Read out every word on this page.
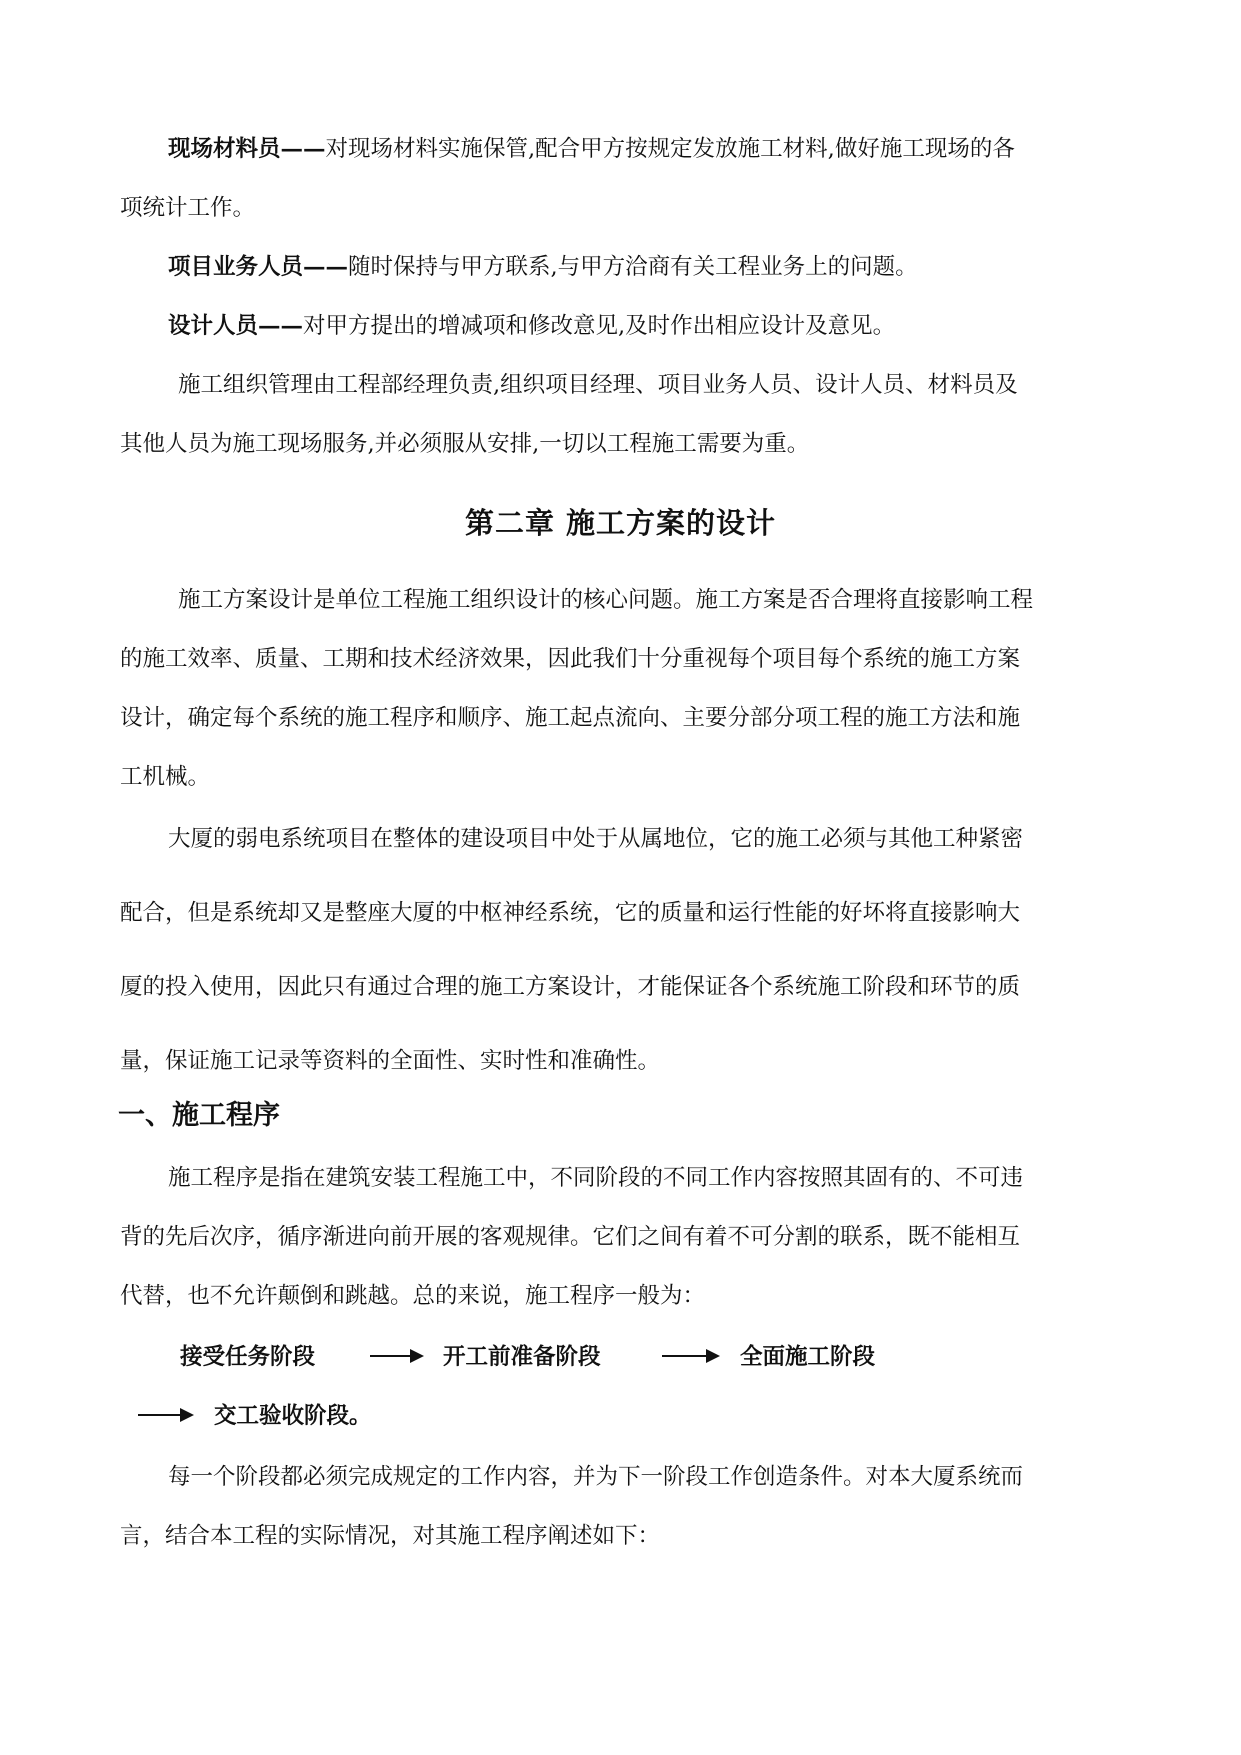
现场材料员——对现场材料实施保管,配合甲方按规定发放施工材料,做好施工现场的各
项统计工作。
项目业务人员——随时保持与甲方联系,与甲方洽商有关工程业务上的问题。
设计人员——对甲方提出的增减项和修改意见,及时作出相应设计及意见。
施工组织管理由工程部经理负责,组织项目经理、项目业务人员、设计人员、材料员及
其他人员为施工现场服务,并必须服从安排,一切以工程施工需要为重。
第二章 施工方案的设计
施工方案设计是单位工程施工组织设计的核心问题。施工方案是否合理将直接影响工程
的施工效率、质量、工期和技术经济效果，因此我们十分重视每个项目每个系统的施工方案
设计，确定每个系统的施工程序和顺序、施工起点流向、主要分部分项工程的施工方法和施
工机械。
大厦的弱电系统项目在整体的建设项目中处于从属地位，它的施工必须与其他工种紧密
配合，但是系统却又是整座大厦的中枢神经系统，它的质量和运行性能的好坏将直接影响大
厦的投入使用，因此只有通过合理的施工方案设计，才能保证各个系统施工阶段和环节的质
量，保证施工记录等资料的全面性、实时性和准确性。
一、施工程序
施工程序是指在建筑安装工程施工中，不同阶段的不同工作内容按照其固有的、不可违
背的先后次序，循序渐进向前开展的客观规律。它们之间有着不可分割的联系，既不能相互
代替，也不允许颠倒和跳越。总的来说，施工程序一般为：
接受任务阶段	开工前准备阶段	全面施工阶段
交工验收阶段。
每一个阶段都必须完成规定的工作内容，并为下一阶段工作创造条件。对本大厦系统而
言，结合本工程的实际情况，对其施工程序阐述如下：
